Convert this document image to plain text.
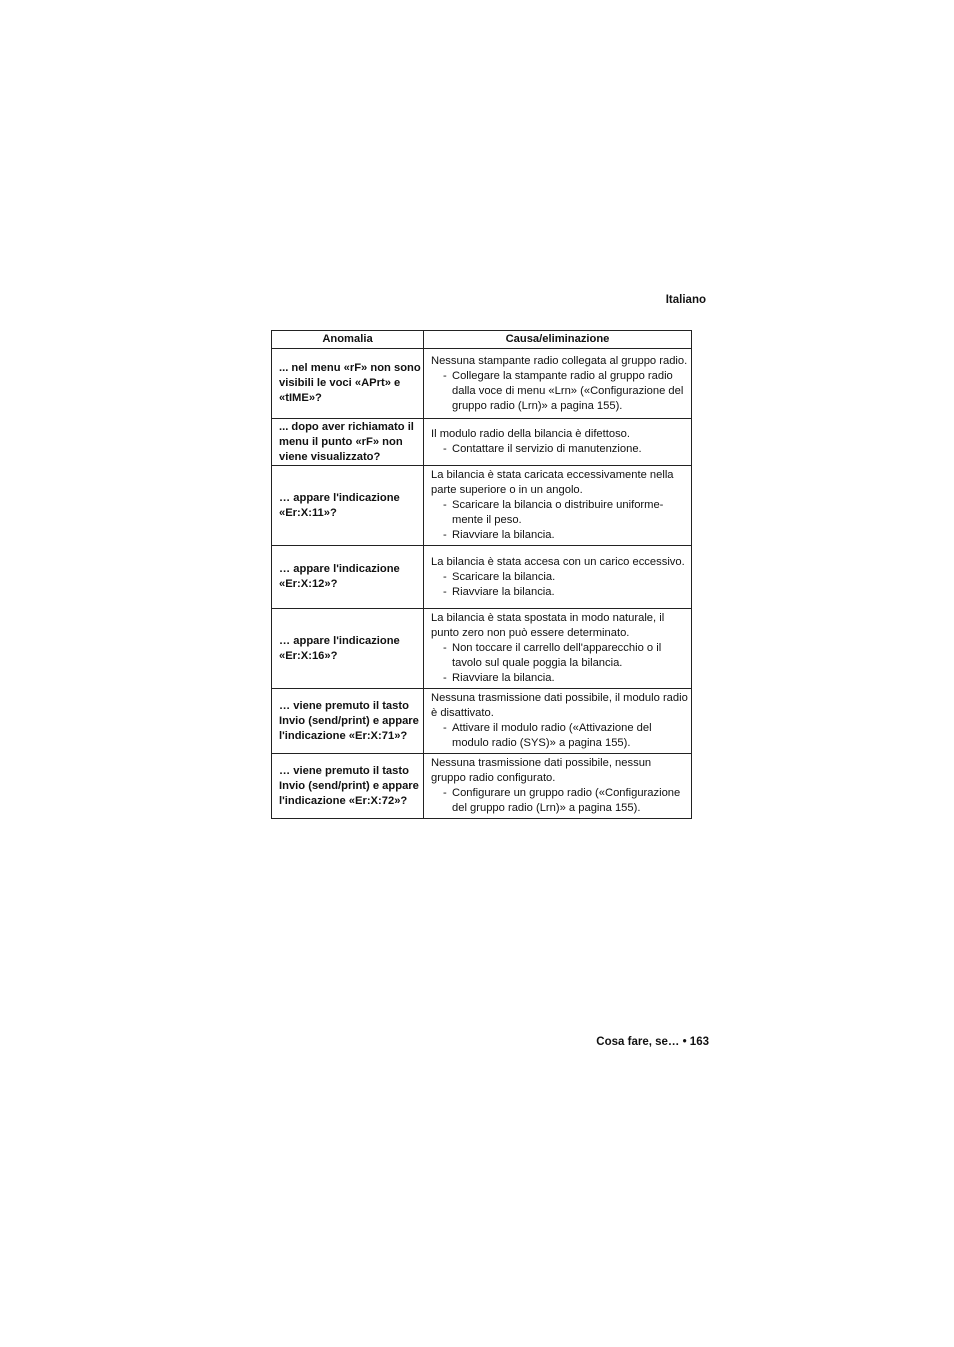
Italiano
Anomalia	Causa/eliminazione
... nel menu «rF» non sono visibili le voci «APrt» e «tIME»?	Nessuna stampante radio collegata al gruppo radio.
- Collegare la stampante radio al gruppo radio dalla voce di menu «Lrn» («Configurazione del gruppo radio (Lrn)» a pagina 155).

... dopo aver richiamato il menu il punto «rF» non viene visualizzato?	Il modulo radio della bilancia è difettoso.
- Contattare il servizio di manutenzione.

… appare l'indicazione «Er:X:11»?	La bilancia è stata caricata eccessivamente nella parte superiore o in un angolo.
- Scaricare la bilancia o distribuire uniforme- mente il peso.
- Riavviare la bilancia.

… appare l'indicazione «Er:X:12»?	La bilancia è stata accesa con un carico eccessivo.
- Scaricare la bilancia.
- Riavviare la bilancia.

… appare l'indicazione «Er:X:16»?	La bilancia è stata spostata in modo naturale, il punto zero non può essere determinato.
- Non toccare il carrello dell'apparecchio o il tavolo sul quale poggia la bilancia.
- Riavviare la bilancia.

… viene premuto il tasto Invio (send/print) e appare l'indicazione «Er:X:71»?	Nessuna trasmissione dati possibile, il modulo radio è disattivato.
- Attivare il modulo radio («Attivazione del modulo radio (SYS)» a pagina 155).

… viene premuto il tasto Invio (send/print) e appare l'indicazione «Er:X:72»?	Nessuna trasmissione dati possibile, nessun gruppo radio configurato.
- Configurare un gruppo radio («Configurazione del gruppo radio (Lrn)» a pagina 155).
Cosa fare, se… • 163
